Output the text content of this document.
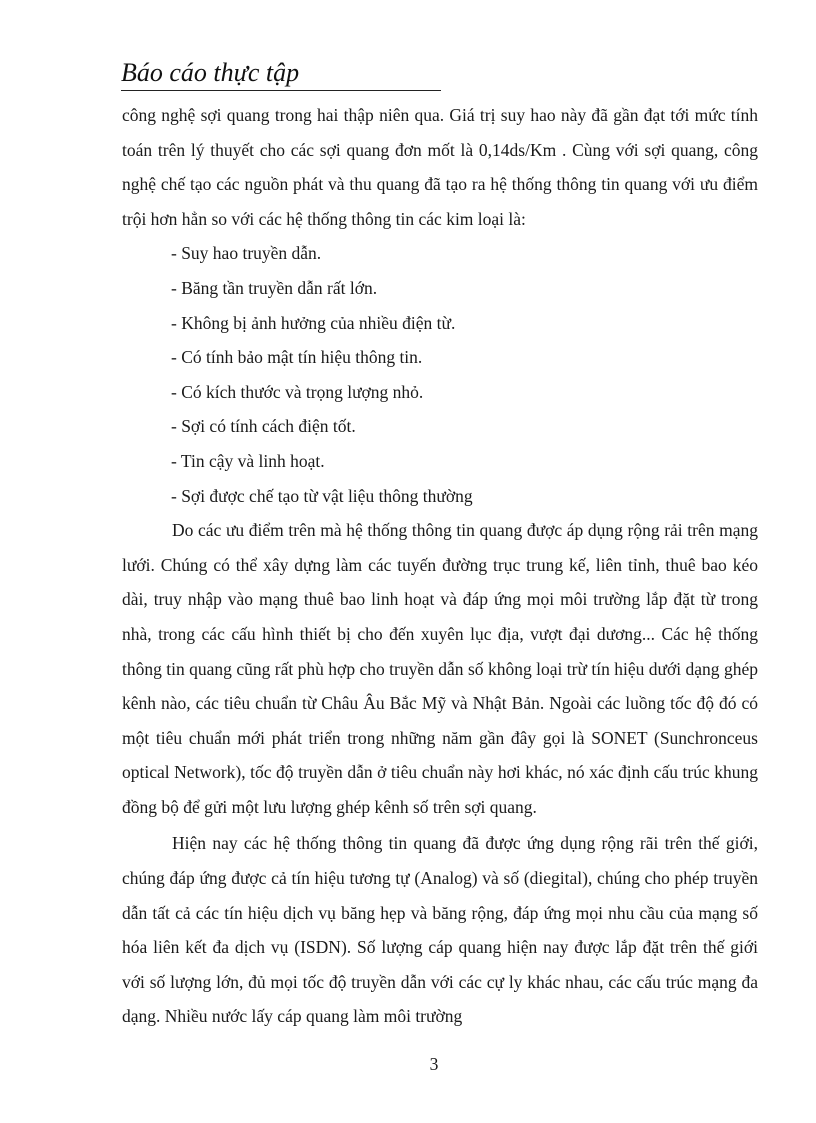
Báo cáo thực tập

công nghệ sợi quang trong hai thập niên qua. Giá trị suy hao này đã gần đạt tới mức tính toán trên lý thuyết cho các sợi quang đơn mốt là 0,14ds/Km . Cùng với sợi quang, công nghệ chế tạo các nguồn phát và thu quang đã tạo ra hệ thống thông tin quang với ưu điểm trội hơn hẳn so với các hệ thống thông tin các kim loại là:

- Suy hao truyền dẫn.
- Băng tần truyền dẫn rất lớn.
- Không bị ảnh hưởng của nhiều điện từ.
- Có tính bảo mật tín hiệu thông tin.
- Có kích thước và trọng lượng nhỏ.
- Sợi có tính cách điện tốt.
- Tin cậy và linh hoạt.
- Sợi được chế tạo từ vật liệu thông thường

Do các ưu điểm trên mà hệ thống thông tin quang được áp dụng rộng rải trên mạng lưới. Chúng có thể xây dựng làm các tuyến đường trục trung kế, liên tỉnh, thuê bao kéo dài, truy nhập vào mạng thuê bao linh hoạt và đáp ứng mọi môi trường lắp đặt từ trong nhà, trong các cấu hình thiết bị cho đến xuyên lục địa, vượt đại dương... Các hệ thống thông tin quang cũng rất phù hợp cho truyền dẫn số không loại trừ tín hiệu dưới dạng ghép kênh nào, các tiêu chuẩn từ Châu Âu Bắc Mỹ và Nhật Bản. Ngoài các luồng tốc độ đó có một tiêu chuẩn mới phát triển trong những năm gần đây gọi là SONET (Sunchronceus optical Network), tốc độ truyền dẫn ở tiêu chuẩn này hơi khác, nó xác định cấu trúc khung đồng bộ để gửi một lưu lượng ghép kênh số trên sợi quang.

Hiện nay các hệ thống thông tin quang đã được ứng dụng rộng rãi trên thế giới, chúng đáp ứng được cả tín hiệu tương tự (Analog) và số (diegital), chúng cho phép truyền dẫn tất cả các tín hiệu dịch vụ băng hẹp và băng rộng, đáp ứng mọi nhu cầu của mạng số hóa liên kết đa dịch vụ (ISDN). Số lượng cáp quang hiện nay được lắp đặt trên thế giới với số lượng lớn, đủ mọi tốc độ truyền dẫn với các cự ly khác nhau, các cấu trúc mạng đa dạng. Nhiều nước lấy cáp quang làm môi trường

3
